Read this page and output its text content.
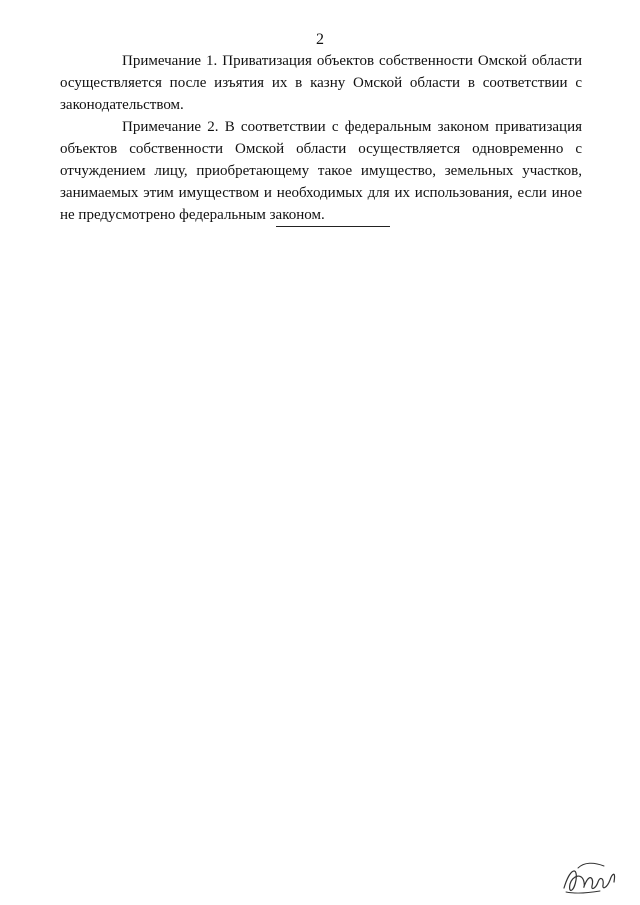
2

Примечание 1. Приватизация объектов собственности Омской области осуществляется после изъятия их в казну Омской области в соответствии с законодательством.

Примечание 2. В соответствии с федеральным законом приватизация объектов собственности Омской области осуществляется одновременно с отчуждением лицу, приобретающему такое имущество, земельных участков, занимаемых этим имуществом и необходимых для их использования, если иное не предусмотрено федеральным законом.
